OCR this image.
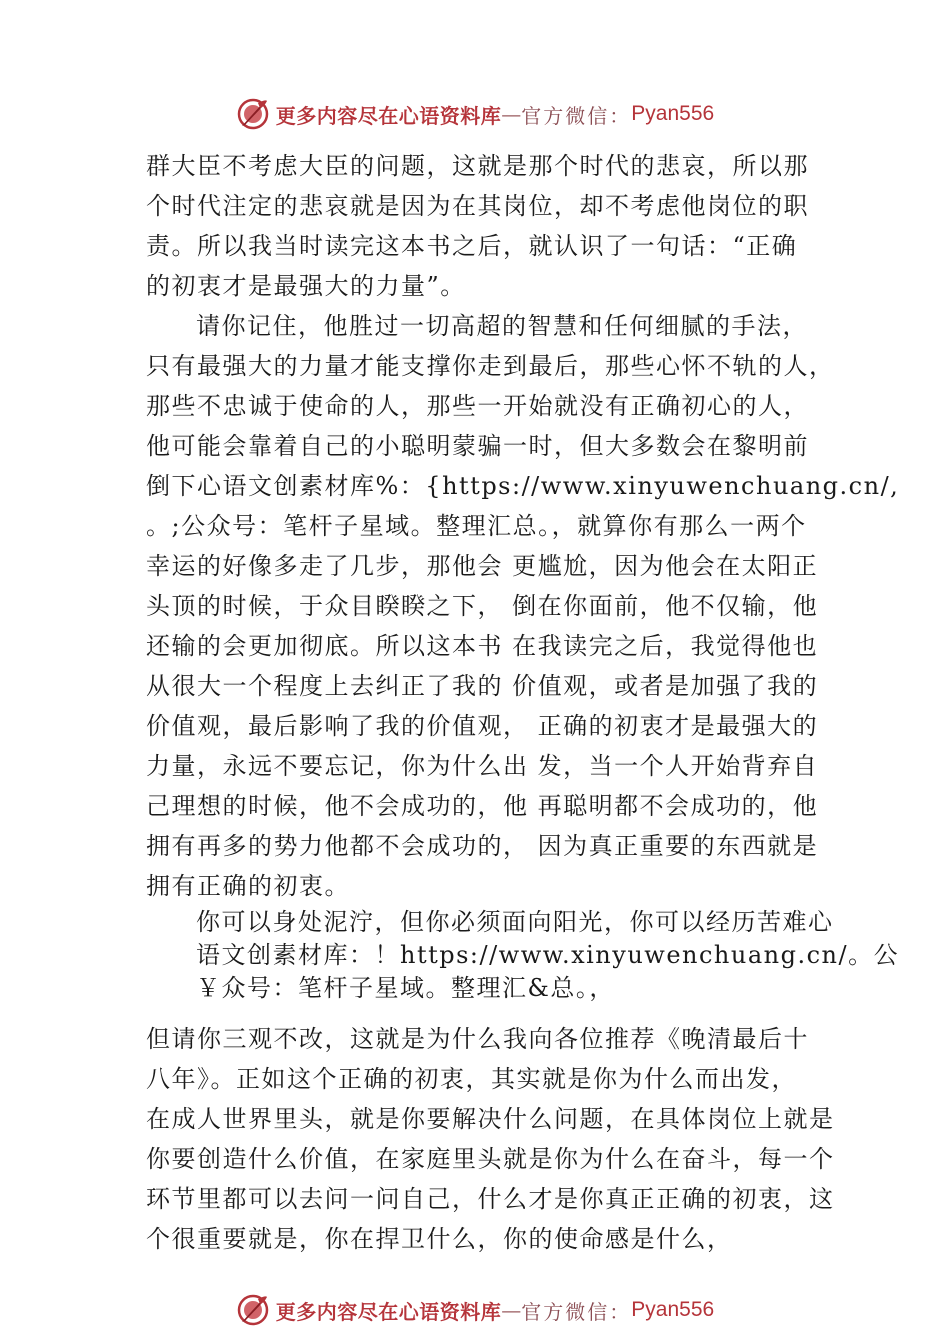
更多内容尽在心语资料库 — 官方微信： Pyan556
群大臣不考虑大臣的问题，这就是那个时代的悲哀，所以那
个时代注定的悲哀就是因为在其岗位，却不考虑他岗位的职
责。所以我当时读完这本书之后，就认识了一句话：“正确
的初衷才是最强大的力量”。
请你记住，他胜过一切高超的智慧和任何细腻的手法，
只有最强大的力量才能支撑你走到最后，那些心怀不轨的人，
那些不忠诚于使命的人，那些一开始就没有正确初心的人，
他可能会靠着自己的小聪明蒙骗一时，但大多数会在黎明前
倒下心语文创素材库%：{https://www.xinyuwenchuang.cn/,
。;公众号：笔杆子星域。整理汇总。，就算你有那么一两个
幸运的好像多走了几步，那他会 更尴尬，因为他会在太阳正
头顶的时候，于众目睽睽之下， 倒在你面前，他不仅输，他
还输的会更加彻底。所以这本书 在我读完之后，我觉得他也
从很大一个程度上去纠正了我的 价值观，或者是加强了我的
价值观，最后影响了我的价值观， 正确的初衷才是最强大的
力量，永远不要忘记，你为什么出 发，当一个人开始背弃自
己理想的时候，他不会成功的，他 再聪明都不会成功的，他
拥有再多的势力他都不会成功的， 因为真正重要的东西就是
拥有正确的初衷。
你可以身处泥泞，但你必须面向阳光，你可以经历苦难心
语文创素材库：！https://www.xinyuwenchuang.cn/。公
￥众号：笔杆子星域。整理汇&总。，
但请你三观不改，这就是为什么我向各位推荐《晚清最后十
八年》。正如这个正确的初衷，其实就是你为什么而出发，
在成人世界里头，就是你要解决什么问题，在具体岗位上就是
你要创造什么价值，在家庭里头就是你为什么在奋斗，每一个
环节里都可以去问一问自己，什么才是你真正正确的初衷，这
个很重要就是，你在捍卫什么，你的使命感是什么，
更多内容尽在心语资料库 — 官方微信： Pyan556
